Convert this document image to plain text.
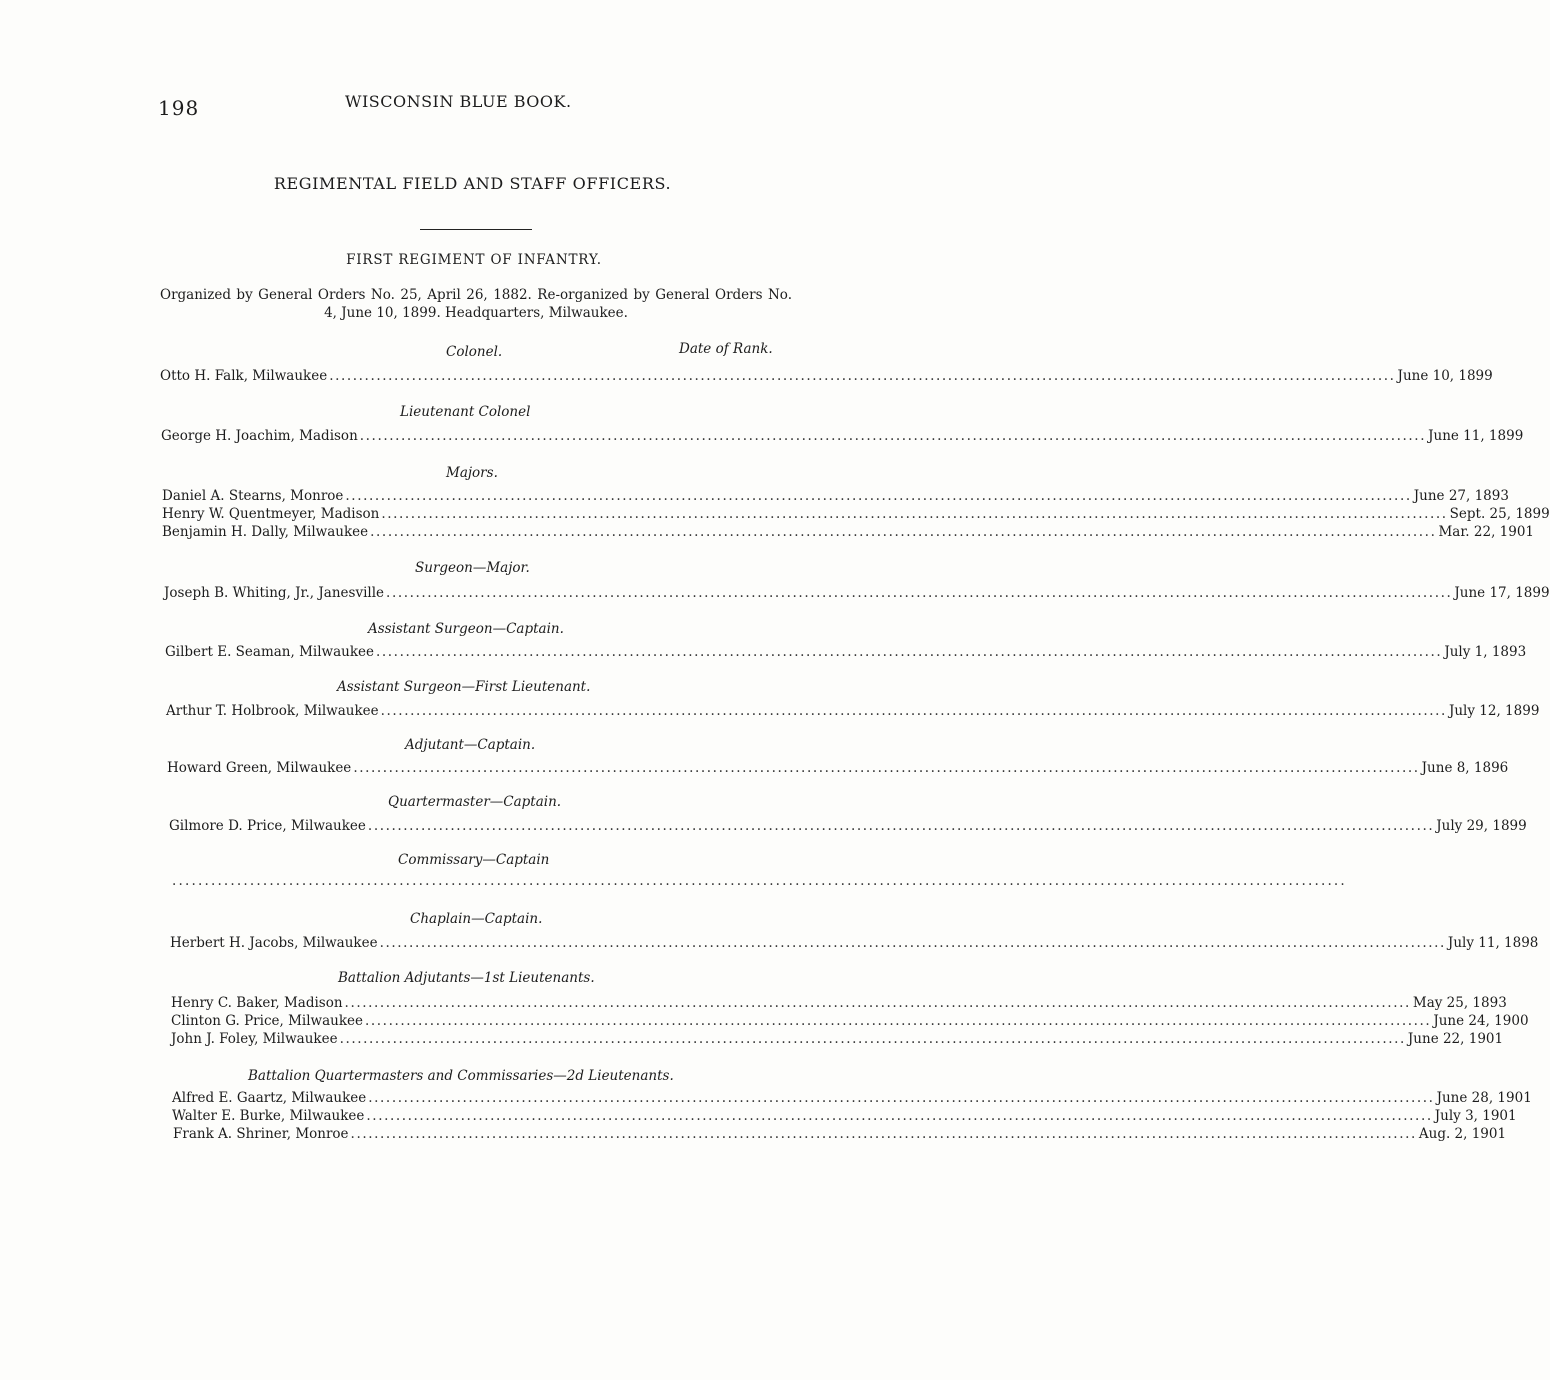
198	WISCONSIN BLUE BOOK.
REGIMENTAL FIELD AND STAFF OFFICERS.
FIRST REGIMENT OF INFANTRY.
Organized by General Orders No. 25, April 26, 1882. Re-organized by General Orders No. 4, June 10, 1899. Headquarters, Milwaukee.
Date of Rank.
Colonel.
Otto H. Falk, Milwaukee ..................................................................................................................................................................................... June 10, 1899
Lieutenant Colonel
George H. Joachim, Madison ..................................................................................................................................................................................... June 11, 1899
Majors.
Daniel A. Stearns, Monroe ..................................................................................................................................................................................... June 27, 1893
Henry W. Quentmeyer, Madison ..................................................................................................................................................................................... Sept. 25, 1899
Benjamin H. Dally, Milwaukee ..................................................................................................................................................................................... Mar. 22, 1901
Surgeon—Major.
Joseph B. Whiting, Jr., Janesville ..................................................................................................................................................................................... June 17, 1899
Assistant Surgeon—Captain.
Gilbert E. Seaman, Milwaukee ..................................................................................................................................................................................... July 1, 1893
Assistant Surgeon—First Lieutenant.
Arthur T. Holbrook, Milwaukee ..................................................................................................................................................................................... July 12, 1899
Adjutant—Captain.
Howard Green, Milwaukee ..................................................................................................................................................................................... June 8, 1896
Quartermaster—Captain.
Gilmore D. Price, Milwaukee ..................................................................................................................................................................................... July 29, 1899
Commissary—Captain
.....................................................................................................................................................................................
Chaplain—Captain.
Herbert H. Jacobs, Milwaukee ..................................................................................................................................................................................... July 11, 1898
Battalion Adjutants—1st Lieutenants.
Henry C. Baker, Madison ..................................................................................................................................................................................... May 25, 1893
Clinton G. Price, Milwaukee ..................................................................................................................................................................................... June 24, 1900
John J. Foley, Milwaukee ..................................................................................................................................................................................... June 22, 1901
Battalion Quartermasters and Commissaries—2d Lieutenants.
Alfred E. Gaartz, Milwaukee ..................................................................................................................................................................................... June 28, 1901
Walter E. Burke, Milwaukee ..................................................................................................................................................................................... July 3, 1901
Frank A. Shriner, Monroe ..................................................................................................................................................................................... Aug. 2, 1901
